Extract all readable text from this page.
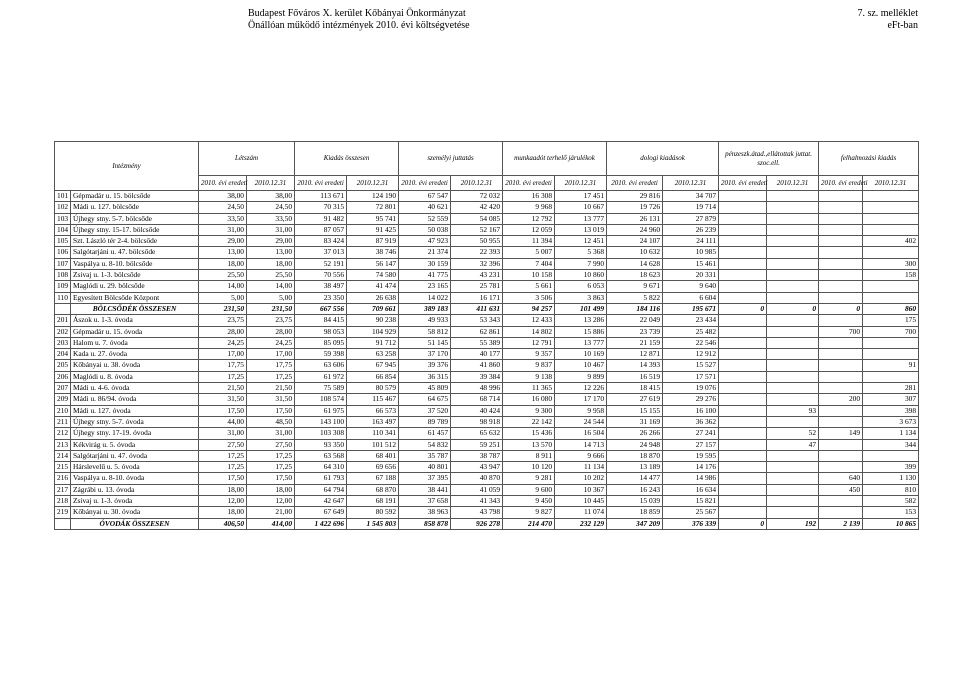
Budapest Főváros X. kerület Kőbányai Önkormányzat
Önállóan működő intézmények 2010. évi költségvetése
7. sz. melléklet
eFt-ban
Intézmény		Létszám		Kiadás összesen		személyi juttatás		munkaadót terhelő járulékok		dologi kiadások		pénzeszk.átad.,ellátottak juttat. szoc.ell.		felhalmozási kiadás	
		2010. évi eredeti	2010.12.31	2010. évi eredeti	2010.12.31	2010. évi eredeti	2010.12.31	2010. évi eredeti	2010.12.31	2010. évi eredeti	2010.12.31	2010. évi eredeti	2010.12.31	2010. évi eredeti	2010.12.31
101	Gépmadár u. 15. bölcsőde	38,00	38,00	113 671	124 190	67 547	72 032	16 308	17 451	29 816	34 707				
102	Mádi u. 127. bölcsőde	24,50	24,50	70 315	72 801	40 621	42 420	9 968	10 667	19 726	19 714				
103	Újhegy stny. 5-7. bölcsőde	33,50	33,50	91 482	95 741	52 559	54 085	12 792	13 777	26 131	27 879				
104	Újhegy stny. 15-17. bölcsőde	31,00	31,00	87 057	91 425	50 038	52 167	12 059	13 019	24 960	26 239				
105	Szt. László tér 2-4. bölcsőde	29,00	29,00	83 424	87 919	47 923	50 955	11 394	12 451	24 107	24 111				402
106	Salgótarjáni u. 47. bölcsőde	13,00	13,00	37 013	38 746	21 374	22 393	5 007	5 368	10 632	10 985				
107	Vaspálya u. 8-10. bölcsőde	18,00	18,00	52 191	56 147	30 159	32 396	7 404	7 990	14 628	15 461				300
108	Zsivaj u. 1-3. bölcsőde	25,50	25,50	70 556	74 580	41 775	43 231	10 158	10 860	18 623	20 331				158
109	Maglódi u. 29. bölcsőde	14,00	14,00	38 497	41 474	23 165	25 781	5 661	6 053	9 671	9 640				
110	Egyesített Bölcsőde Központ	5,00	5,00	23 350	26 638	14 022	16 171	3 506	3 863	5 822	6 604				
	BÖLCSŐDÉK ÖSSZESEN	231,50	231,50	667 556	709 661	389 183	411 631	94 257	101 499	184 116	195 671	0	0	0	860
201	Ászok u. 1-3. óvoda	23,75	23,75	84 415	90 238	49 933	53 343	12 433	13 286	22 049	23 434				175
202	Gépmadár u. 15. óvoda	28,00	28,00	98 053	104 929	58 812	62 861	14 802	15 886	23 739	25 482			700	700
203	Halom u. 7. óvoda	24,25	24,25	85 095	91 712	51 145	55 389	12 791	13 777	21 159	22 546				
204	Kada u. 27. óvoda	17,00	17,00	59 398	63 258	37 170	40 177	9 357	10 169	12 871	12 912				
205	Kőbányai u. 38. óvoda	17,75	17,75	63 606	67 945	39 376	41 860	9 837	10 467	14 393	15 527				91
206	Maglódi u. 8. óvoda	17,25	17,25	61 972	66 854	36 315	39 384	9 138	9 899	16 519	17 571				
207	Mádi u. 4-6. óvoda	21,50	21,50	75 589	80 579	45 809	48 996	11 365	12 226	18 415	19 076				281
209	Mádi u. 86/94. óvoda	31,50	31,50	108 574	115 467	64 675	68 714	16 080	17 170	27 619	29 276			200	307
210	Mádi u. 127. óvoda	17,50	17,50	61 975	66 573	37 520	40 424	9 300	9 958	15 155	16 100		93		398
211	Újhegy stny. 5-7. óvoda	44,00	48,50	143 100	163 497	89 789	98 918	22 142	24 544	31 169	36 362				3 673
212	Újhegy stny. 17-19. óvoda	31,00	31,00	103 308	110 341	61 457	65 632	15 436	16 504	26 266	27 241		52	149	1 134
213	Kékvirág u. 5. óvoda	27,50	27,50	93 350	101 512	54 832	59 251	13 570	14 713	24 948	27 157		47		344
214	Salgótarjáni u. 47. óvoda	17,25	17,25	63 568	68 401	35 787	38 787	8 911	9 666	18 870	19 595				
215	Hárslevelű u. 5. óvoda	17,25	17,25	64 310	69 656	40 801	43 947	10 120	11 134	13 189	14 176				399
216	Vaspálya u. 8-10. óvoda	17,50	17,50	61 793	67 188	37 395	40 870	9 281	10 202	14 477	14 986			640	1 130
217	Zágrábi u. 13. óvoda	18,00	18,00	64 794	68 870	38 441	41 059	9 600	10 367	16 243	16 634			450	810
218	Zsivaj u. 1-3. óvoda	12,00	12,00	42 647	68 191	37 658	41 343	9 450	10 445	15 039	15 821				582
219	Kőbányai u. 30. óvoda	18,00	21,00	67 649	80 592	38 963	43 798	9 827	11 074	18 859	25 567				153
	ÓVODÁK ÖSSZESEN	406,50	414,00	1 422 696	1 545 803	858 878	926 278	214 470	232 129	347 209	376 339	0	192	2 139	10 865
